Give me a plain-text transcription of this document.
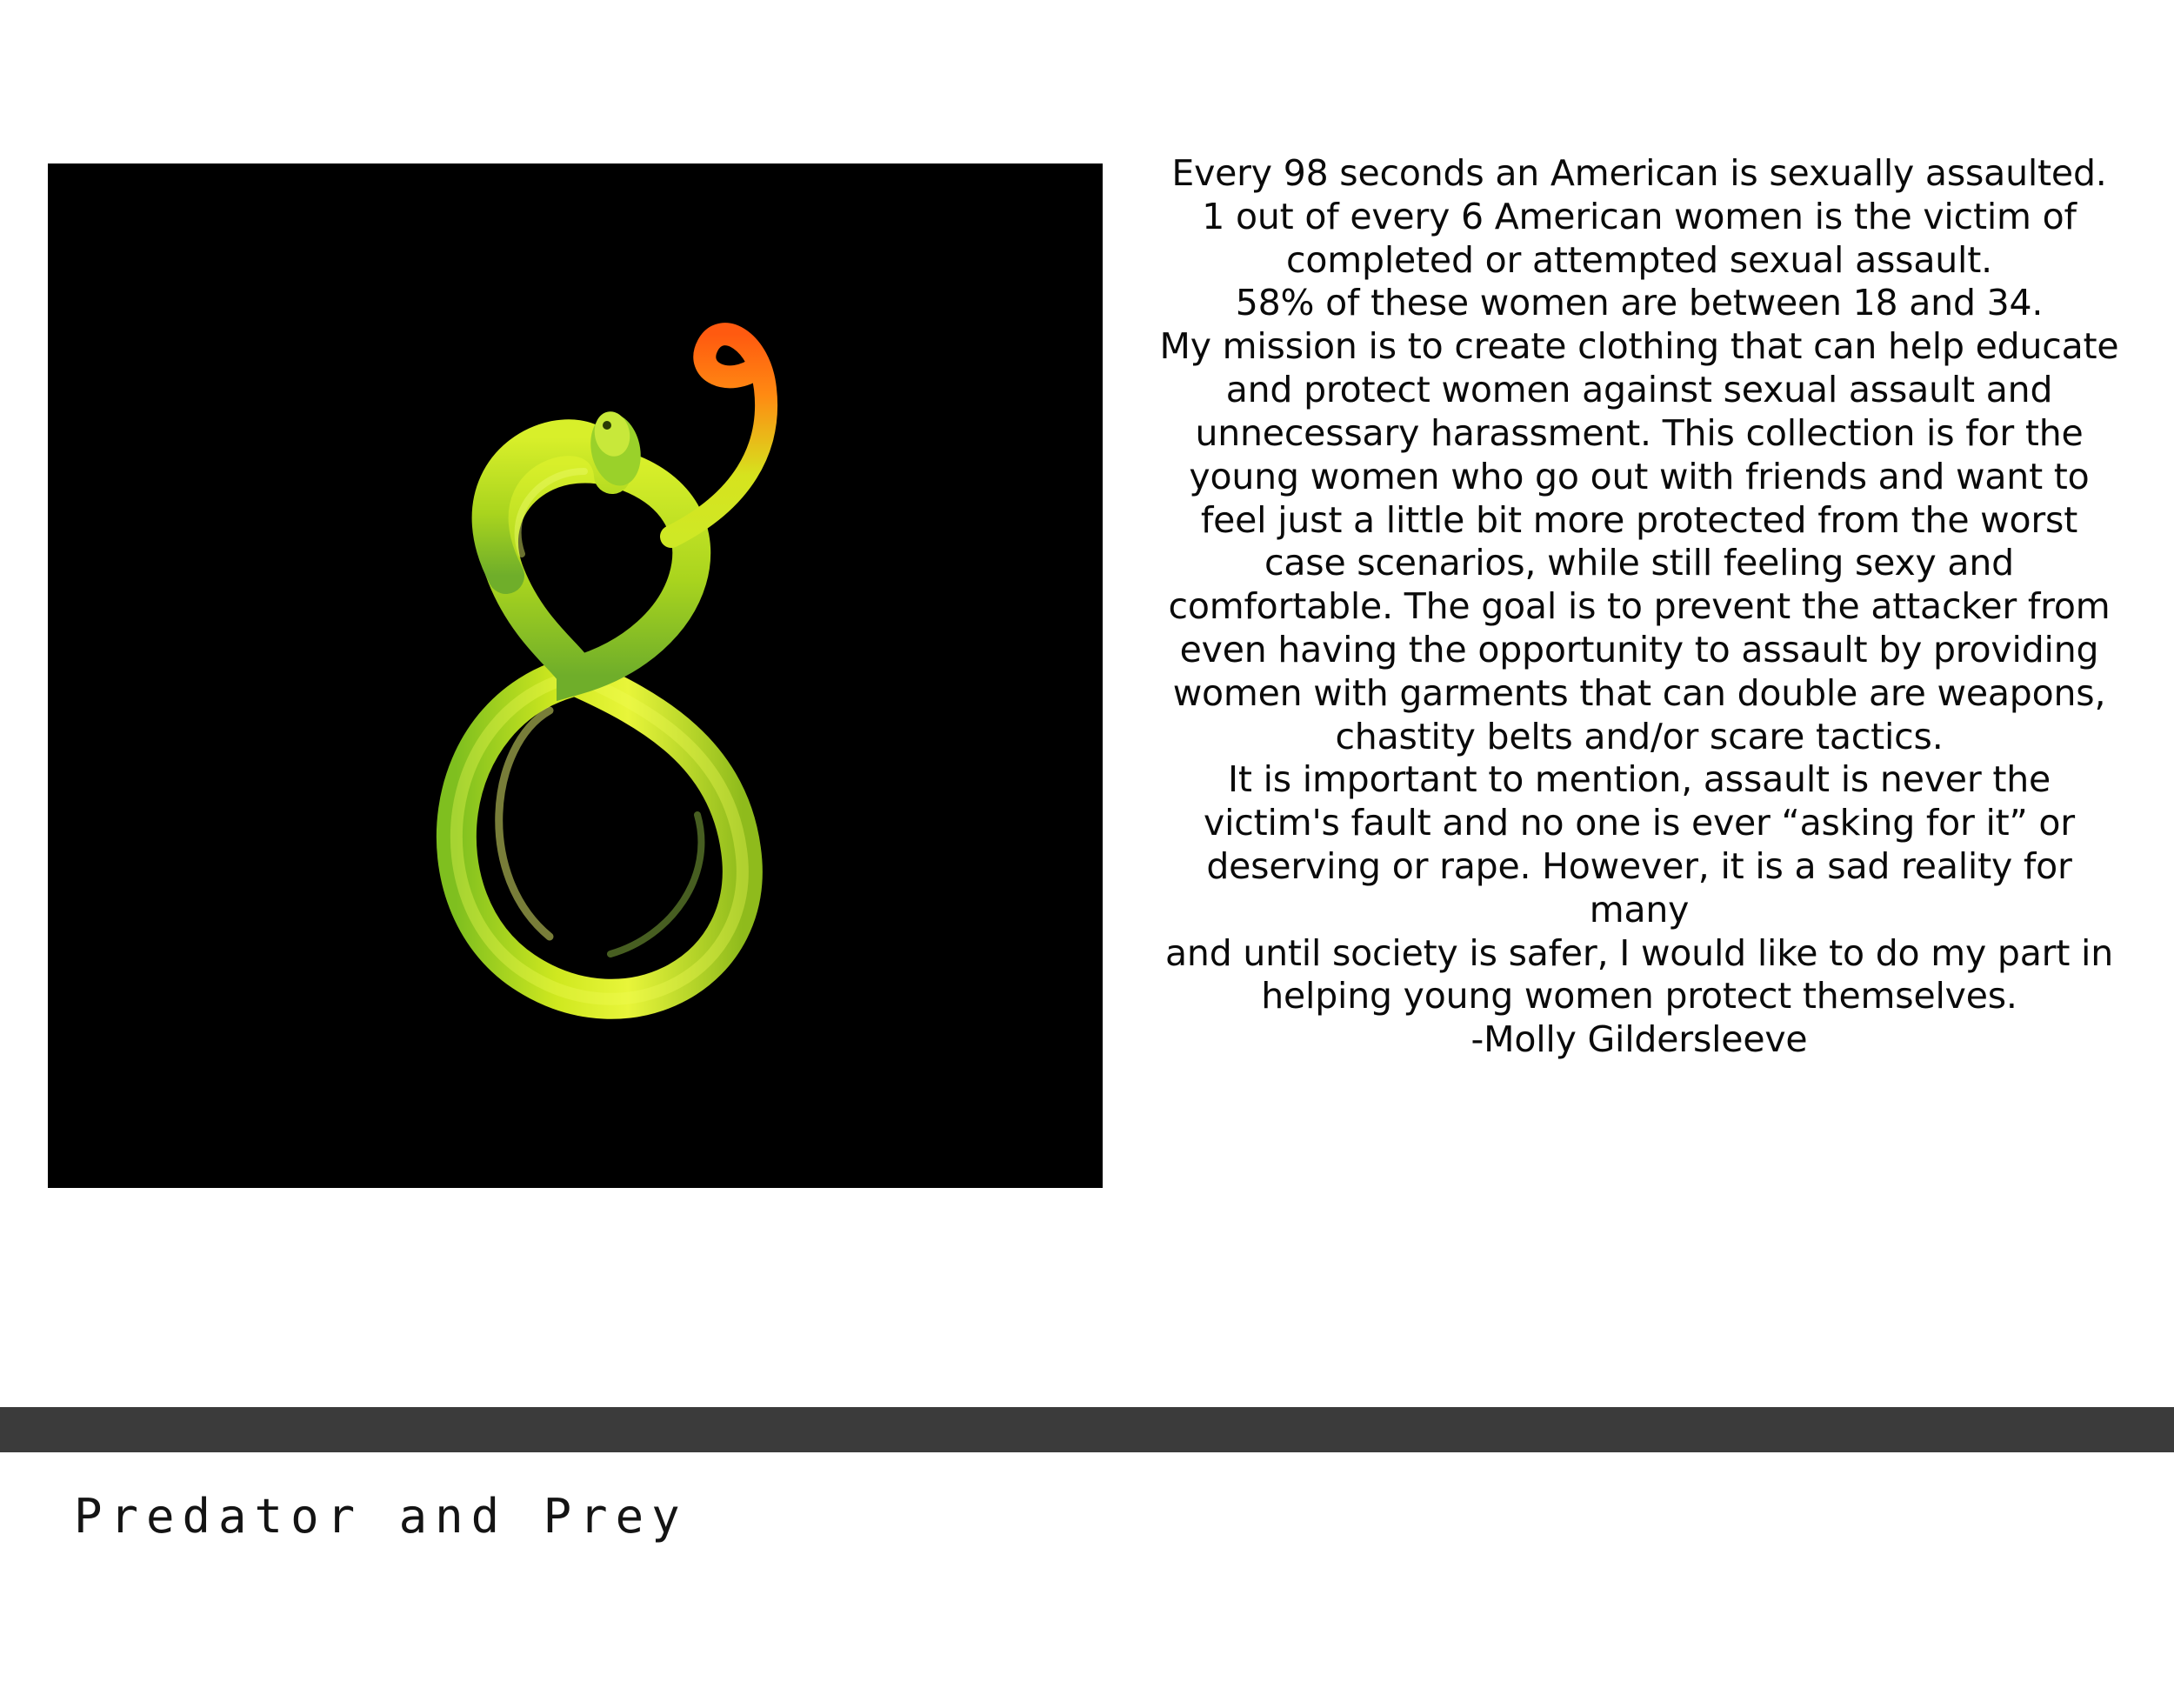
Every 98 seconds an American is sexually assaulted.

1 out of every 6 American women is the victim of

completed or attempted sexual assault.

58% of these women are between 18 and 34.

My mission is to create clothing that can help educate

and protect women against sexual assault and

unnecessary harassment. This collection is for the

young women who go out with friends and want to

feel just a little bit more protected from the worst

case scenarios, while still feeling sexy and

comfortable. The goal is to prevent the attacker from

even having the opportunity to assault by providing

women with garments that can double are weapons,

chastity belts and/or scare tactics.

It is important to mention, assault is never the

victim's fault and no one is ever “asking for it” or

deserving or rape. However, it is a sad reality for many

and until society is safer, I would like to do my part in

helping young women protect themselves.

-Molly Gildersleeve

Predator and Prey
